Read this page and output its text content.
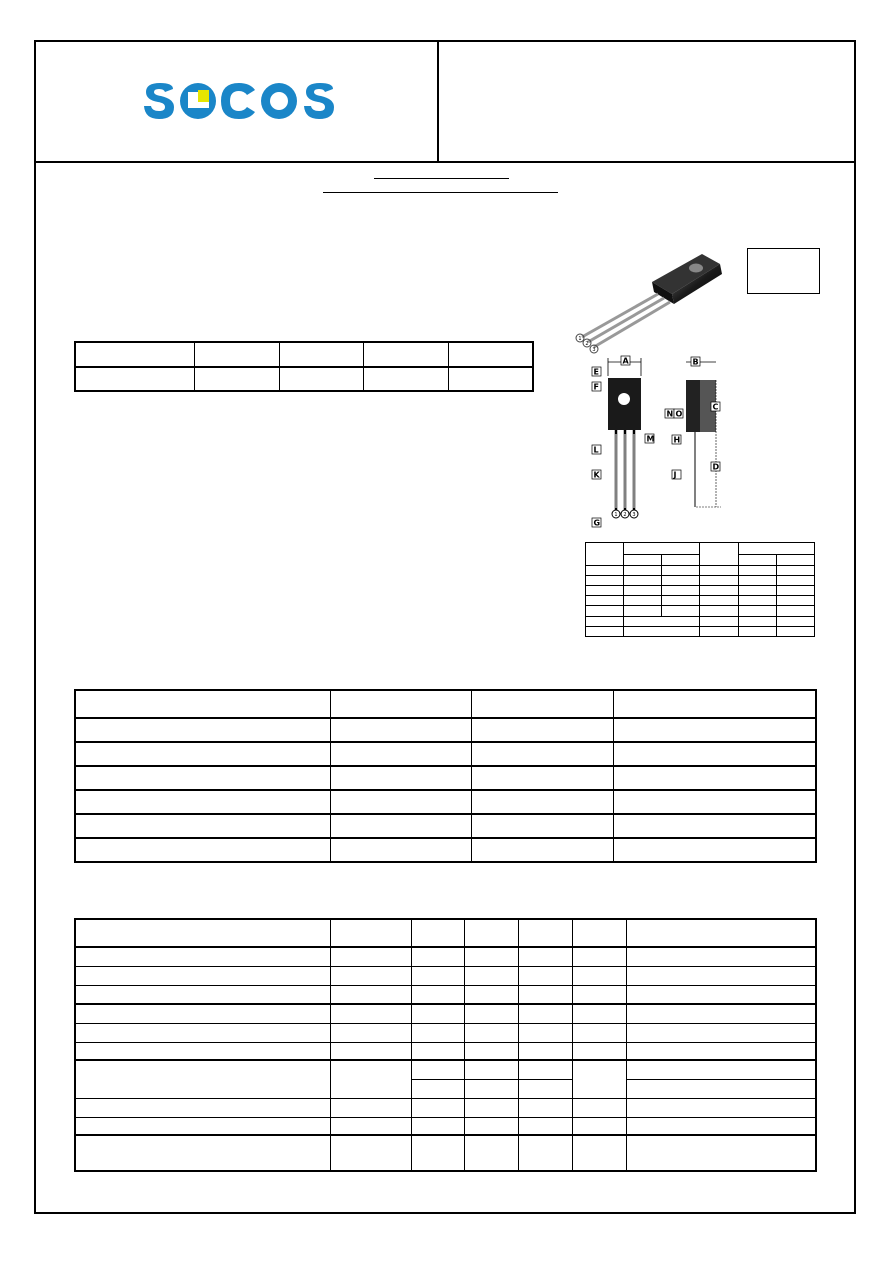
1
2
3
1 2 3
A	B
C
D
E
F
G
H
J
K
L
M
N O
